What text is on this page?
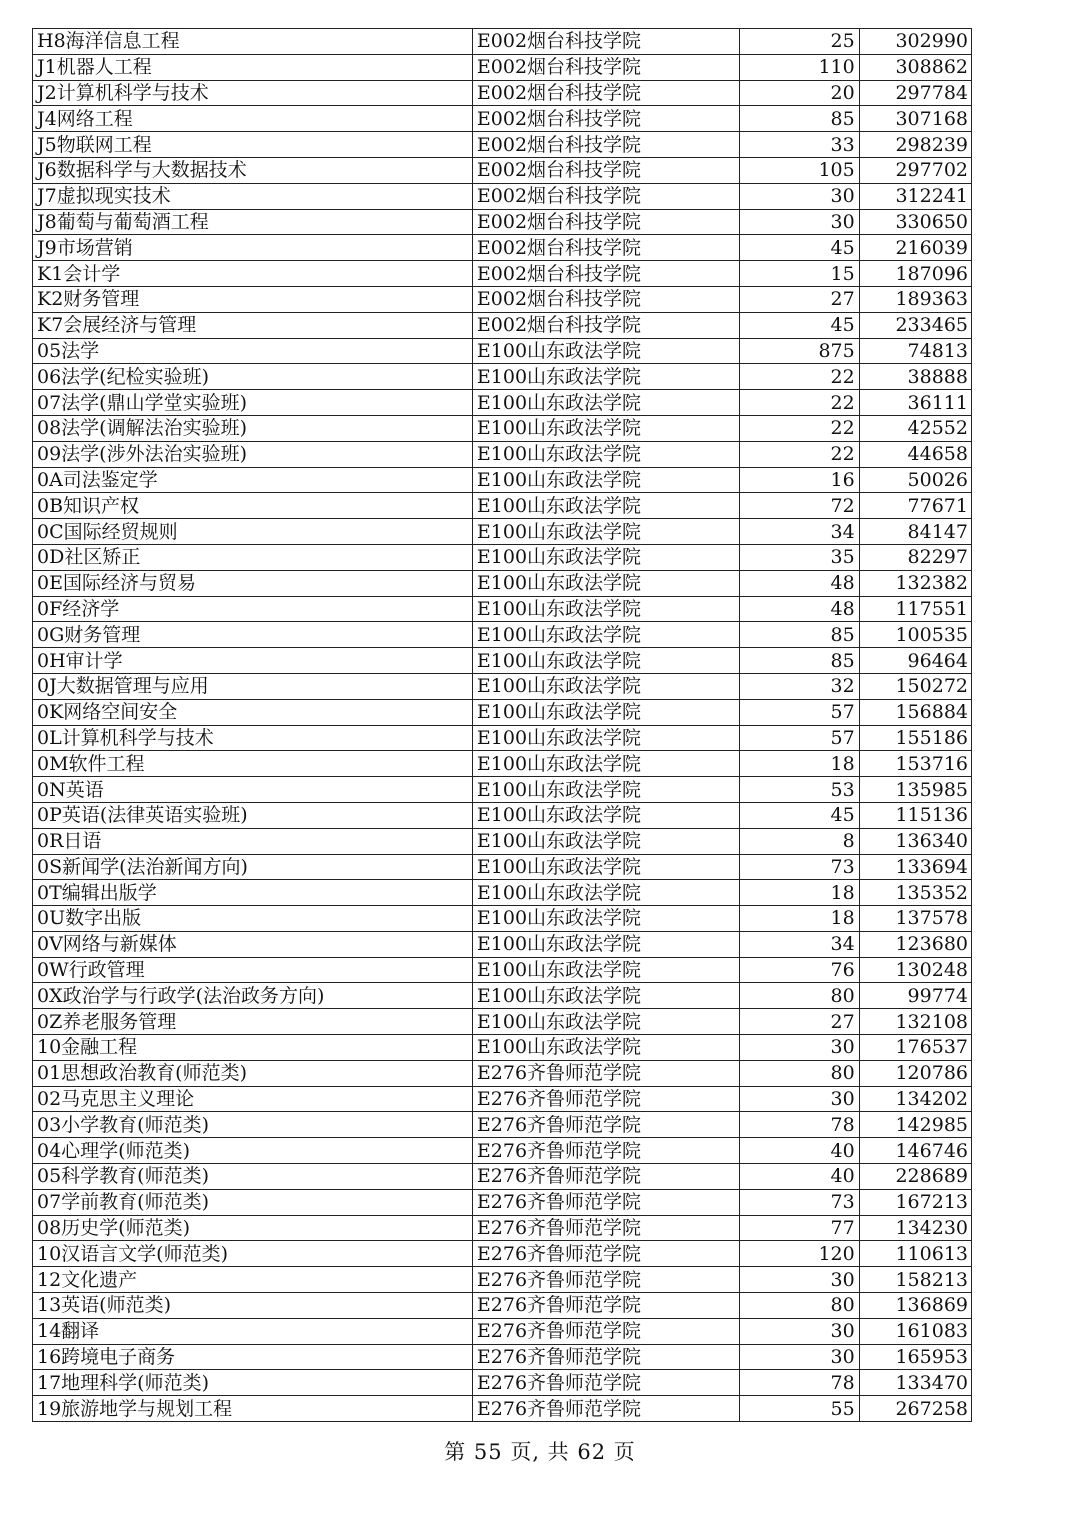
H8海洋信息工程	E002烟台科技学院	25	302990
J1机器人工程	E002烟台科技学院	110	308862
J2计算机科学与技术	E002烟台科技学院	20	297784
J4网络工程	E002烟台科技学院	85	307168
J5物联网工程	E002烟台科技学院	33	298239
J6数据科学与大数据技术	E002烟台科技学院	105	297702
J7虚拟现实技术	E002烟台科技学院	30	312241
J8葡萄与葡萄酒工程	E002烟台科技学院	30	330650
J9市场营销	E002烟台科技学院	45	216039
K1会计学	E002烟台科技学院	15	187096
K2财务管理	E002烟台科技学院	27	189363
K7会展经济与管理	E002烟台科技学院	45	233465
05法学	E100山东政法学院	875	74813
06法学(纪检实验班)	E100山东政法学院	22	38888
07法学(鼎山学堂实验班)	E100山东政法学院	22	36111
08法学(调解法治实验班)	E100山东政法学院	22	42552
09法学(涉外法治实验班)	E100山东政法学院	22	44658
0A司法鉴定学	E100山东政法学院	16	50026
0B知识产权	E100山东政法学院	72	77671
0C国际经贸规则	E100山东政法学院	34	84147
0D社区矫正	E100山东政法学院	35	82297
0E国际经济与贸易	E100山东政法学院	48	132382
0F经济学	E100山东政法学院	48	117551
0G财务管理	E100山东政法学院	85	100535
0H审计学	E100山东政法学院	85	96464
0J大数据管理与应用	E100山东政法学院	32	150272
0K网络空间安全	E100山东政法学院	57	156884
0L计算机科学与技术	E100山东政法学院	57	155186
0M软件工程	E100山东政法学院	18	153716
0N英语	E100山东政法学院	53	135985
0P英语(法律英语实验班)	E100山东政法学院	45	115136
0R日语	E100山东政法学院	8	136340
0S新闻学(法治新闻方向)	E100山东政法学院	73	133694
0T编辑出版学	E100山东政法学院	18	135352
0U数字出版	E100山东政法学院	18	137578
0V网络与新媒体	E100山东政法学院	34	123680
0W行政管理	E100山东政法学院	76	130248
0X政治学与行政学(法治政务方向)	E100山东政法学院	80	99774
0Z养老服务管理	E100山东政法学院	27	132108
10金融工程	E100山东政法学院	30	176537
01思想政治教育(师范类)	E276齐鲁师范学院	80	120786
02马克思主义理论	E276齐鲁师范学院	30	134202
03小学教育(师范类)	E276齐鲁师范学院	78	142985
04心理学(师范类)	E276齐鲁师范学院	40	146746
05科学教育(师范类)	E276齐鲁师范学院	40	228689
07学前教育(师范类)	E276齐鲁师范学院	73	167213
08历史学(师范类)	E276齐鲁师范学院	77	134230
10汉语言文学(师范类)	E276齐鲁师范学院	120	110613
12文化遗产	E276齐鲁师范学院	30	158213
13英语(师范类)	E276齐鲁师范学院	80	136869
14翻译	E276齐鲁师范学院	30	161083
16跨境电子商务	E276齐鲁师范学院	30	165953
17地理科学(师范类)	E276齐鲁师范学院	78	133470
19旅游地学与规划工程	E276齐鲁师范学院	55	267258
第 55 页, 共 62 页
